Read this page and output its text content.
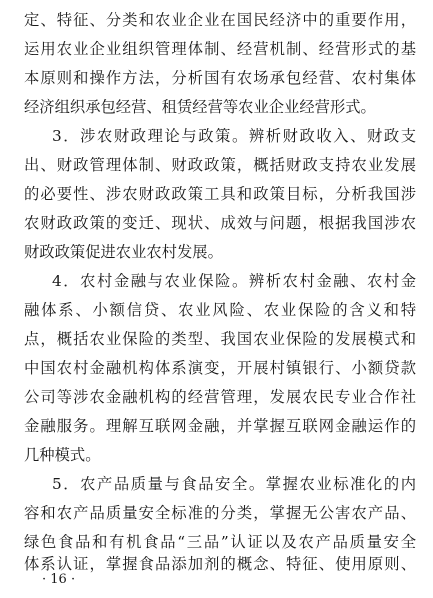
定、特征、分类和农业企业在国民经济中的重要作用，
运用农业企业组织管理体制、经营机制、经营形式的基
本原则和操作方法，分析国有农场承包经营、农村集体
经济组织承包经营、租赁经营等农业企业经营形式。
3．涉农财政理论与政策。辨析财政收入、财政支
出、财政管理体制、财政政策，概括财政支持农业发展
的必要性、涉农财政政策工具和政策目标，分析我国涉
农财政政策的变迁、现状、成效与问题，根据我国涉农
财政政策促进农业农村发展。
4．农村金融与农业保险。辨析农村金融、农村金
融体系、小额信贷、农业风险、农业保险的含义和特
点，概括农业保险的类型、我国农业保险的发展模式和
中国农村金融机构体系演变，开展村镇银行、小额贷款
公司等涉农金融机构的经营管理，发展农民专业合作社
金融服务。理解互联网金融，并掌握互联网金融运作的
几种模式。
5．农产品质量与食品安全。掌握农业标准化的内
容和农产品质量安全标准的分类，掌握无公害农产品、
绿色食品和有机食品“三品”认证以及农产品质量安全
体系认证，掌握食品添加剂的概念、特征、使用原则、
· 16 ·
